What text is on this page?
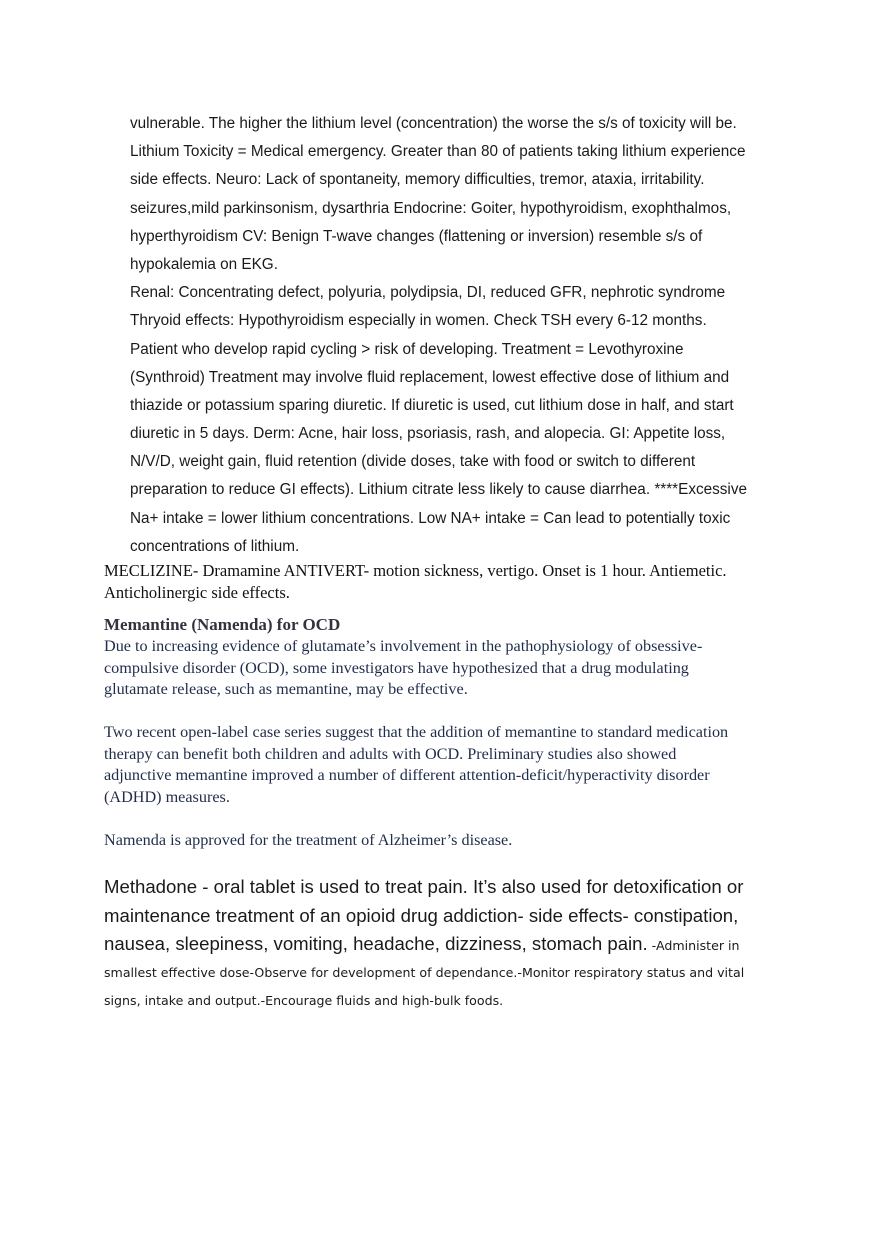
vulnerable. The higher the lithium level (concentration) the worse the s/s of toxicity will be.
Lithium Toxicity = Medical emergency. Greater than 80 of patients taking lithium experience
side effects. Neuro: Lack of spontaneity, memory difficulties, tremor, ataxia, irritability.
seizures,mild parkinsonism, dysarthria Endocrine: Goiter, hypothyroidism, exophthalmos,
hyperthyroidism CV: Benign T-wave changes (flattening or inversion) resemble s/s of
hypokalemia on EKG.
Renal: Concentrating defect, polyuria, polydipsia, DI, reduced GFR, nephrotic syndrome
Thryoid effects: Hypothyroidism especially in women. Check TSH every 6-12 months.
Patient who develop rapid cycling > risk of developing. Treatment = Levothyroxine
(Synthroid) Treatment may involve fluid replacement, lowest effective dose of lithium and
thiazide or potassium sparing diuretic. If diuretic is used, cut lithium dose in half, and start
diuretic in 5 days. Derm: Acne, hair loss, psoriasis, rash, and alopecia. GI: Appetite loss,
N/V/D, weight gain, fluid retention (divide doses, take with food or switch to different
preparation to reduce GI effects). Lithium citrate less likely to cause diarrhea. ****Excessive
Na+ intake = lower lithium concentrations. Low NA+ intake = Can lead to potentially toxic
concentrations of lithium.
MECLIZINE- Dramamine ANTIVERT- motion sickness, vertigo. Onset is 1 hour. Antiemetic.
Anticholinergic side effects.
Memantine (Namenda) for OCD
Due to increasing evidence of glutamate’s involvement in the pathophysiology of obsessive-
compulsive disorder (OCD), some investigators have hypothesized that a drug modulating
glutamate release, such as memantine, may be effective.
Two recent open-label case series suggest that the addition of memantine to standard medication
therapy can benefit both children and adults with OCD. Preliminary studies also showed
adjunctive memantine improved a number of different attention-deficit/hyperactivity disorder
(ADHD) measures.
Namenda is approved for the treatment of Alzheimer’s disease.
Methadone - oral tablet is used to treat pain. It’s also used for detoxification or
maintenance treatment of an opioid drug addiction- side effects- constipation,
nausea, sleepiness, vomiting, headache, dizziness, stomach pain. -Administer in
smallest effective dose-Observe for development of dependance.-Monitor respiratory status and vital
signs, intake and output.-Encourage fluids and high-bulk foods.
